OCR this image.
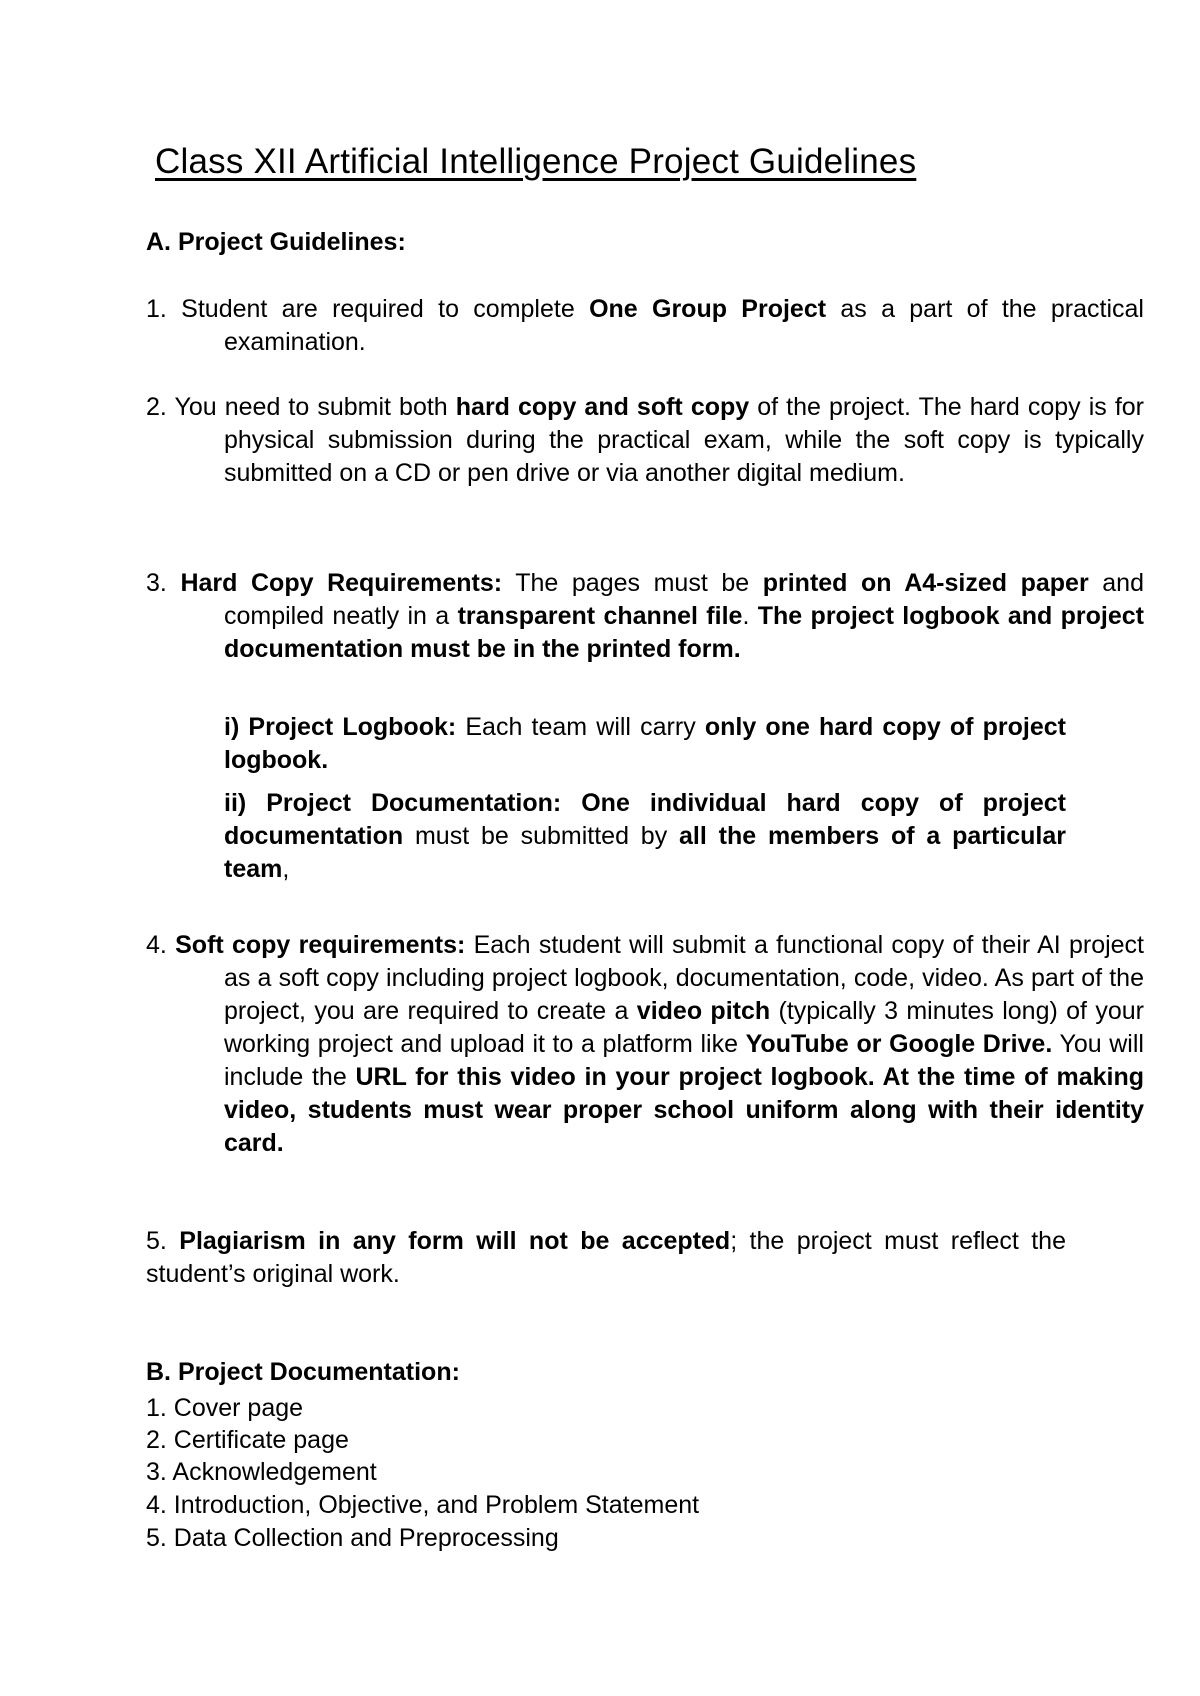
Class XII Artificial Intelligence Project Guidelines
A. Project Guidelines:
1. Student are required to complete One Group Project as a part of the practical examination.
2. You need to submit both hard copy and soft copy of the project. The hard copy is for physical submission during the practical exam, while the soft copy is typically submitted on a CD or pen drive or via another digital medium.
3. Hard Copy Requirements: The pages must be printed on A4-sized paper and compiled neatly in a transparent channel file. The project logbook and project documentation must be in the printed form.
i) Project Logbook: Each team will carry only one hard copy of project logbook.
ii) Project Documentation: One individual hard copy of project documentation must be submitted by all the members of a particular team,
4. Soft copy requirements: Each student will submit a functional copy of their AI project as a soft copy including project logbook, documentation, code, video. As part of the project, you are required to create a video pitch (typically 3 minutes long) of your working project and upload it to a platform like YouTube or Google Drive. You will include the URL for this video in your project logbook. At the time of making video, students must wear proper school uniform along with their identity card.
5. Plagiarism in any form will not be accepted; the project must reflect the student’s original work.
B. Project Documentation:
1. Cover page
2. Certificate page
3. Acknowledgement
4. Introduction, Objective, and Problem Statement
5. Data Collection and Preprocessing
